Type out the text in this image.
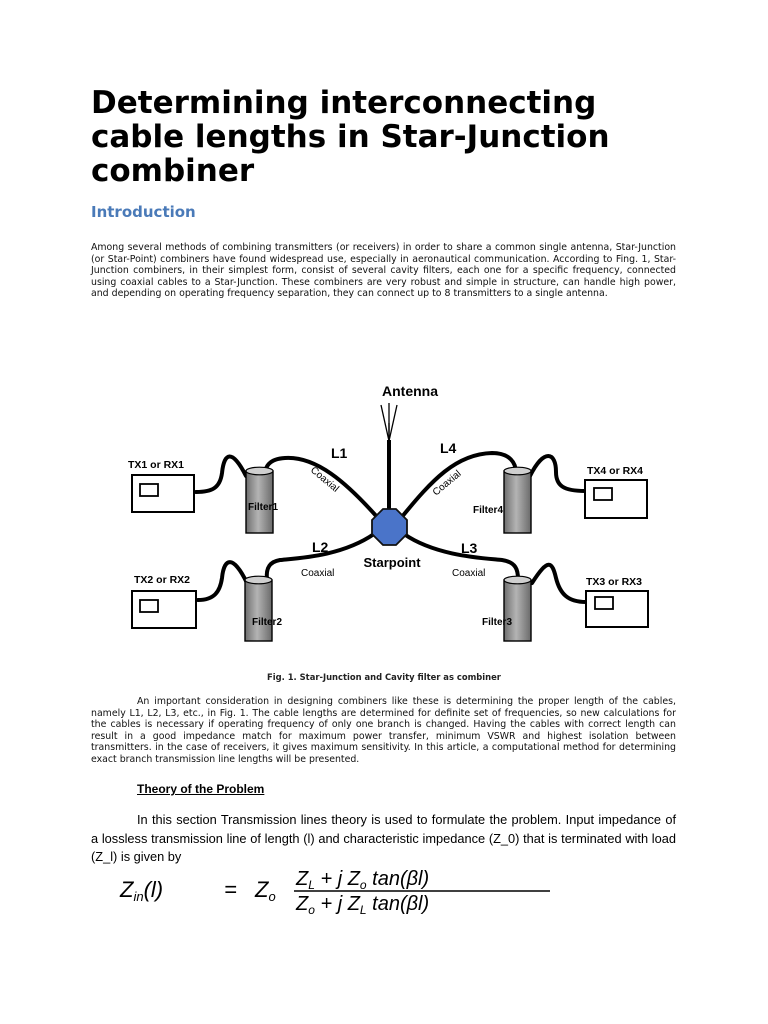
Determining interconnecting cable lengths in Star-Junction combiner
Introduction

Among several methods of combining transmitters (or receivers) in order to share a common single antenna, Star-Junction (or Star-Point) combiners have found widespread use, especially in aeronautical communication. According to Fing. 1, Star-Junction combiners, in their simplest form, consist of several cavity filters, each one for a specific frequency, connected using coaxial cables to a Star-Junction. These combiners are very robust and simple in structure, can handle high power, and depending on operating frequency separation, they can connect up to 8 transmitters to a single antenna.

Antenna
Starpoint
L1	L4
L2	L3
Coaxial	Coaxial
Coaxial	Coaxial
Filter1	Filter4
Filter2	Filter3
TX1 or RX1	TX4 or RX4
TX2 or RX2	TX3 or RX3

Fig. 1. Star-Junction and Cavity filter as combiner

An important consideration in designing combiners like these is determining the proper length of the cables, namely L1, L2, L3, etc., in Fig. 1. The cable lengths are determined for definite set of frequencies, so new calculations for the cables is necessary if operating frequency of only one branch is changed. Having the cables with correct length can result in a good impedance match for maximum power transfer, minimum VSWR and highest isolation between transmitters. in the case of receivers, it gives maximum sensitivity. In this article, a computational method for determining exact branch transmission line lengths will be presented.

Theory of the Problem

In this section Transmission lines theory is used to formulate the problem. Input impedance of a lossless transmission line of length (l) and characteristic impedance (Z_0) that is terminated with load (Z_l) is given by

Zin(l)	= Zo
$Z_L + j$ $Z_o$ tan(βl)
$Z_o + j$ $Z_L$ tan(βl)
